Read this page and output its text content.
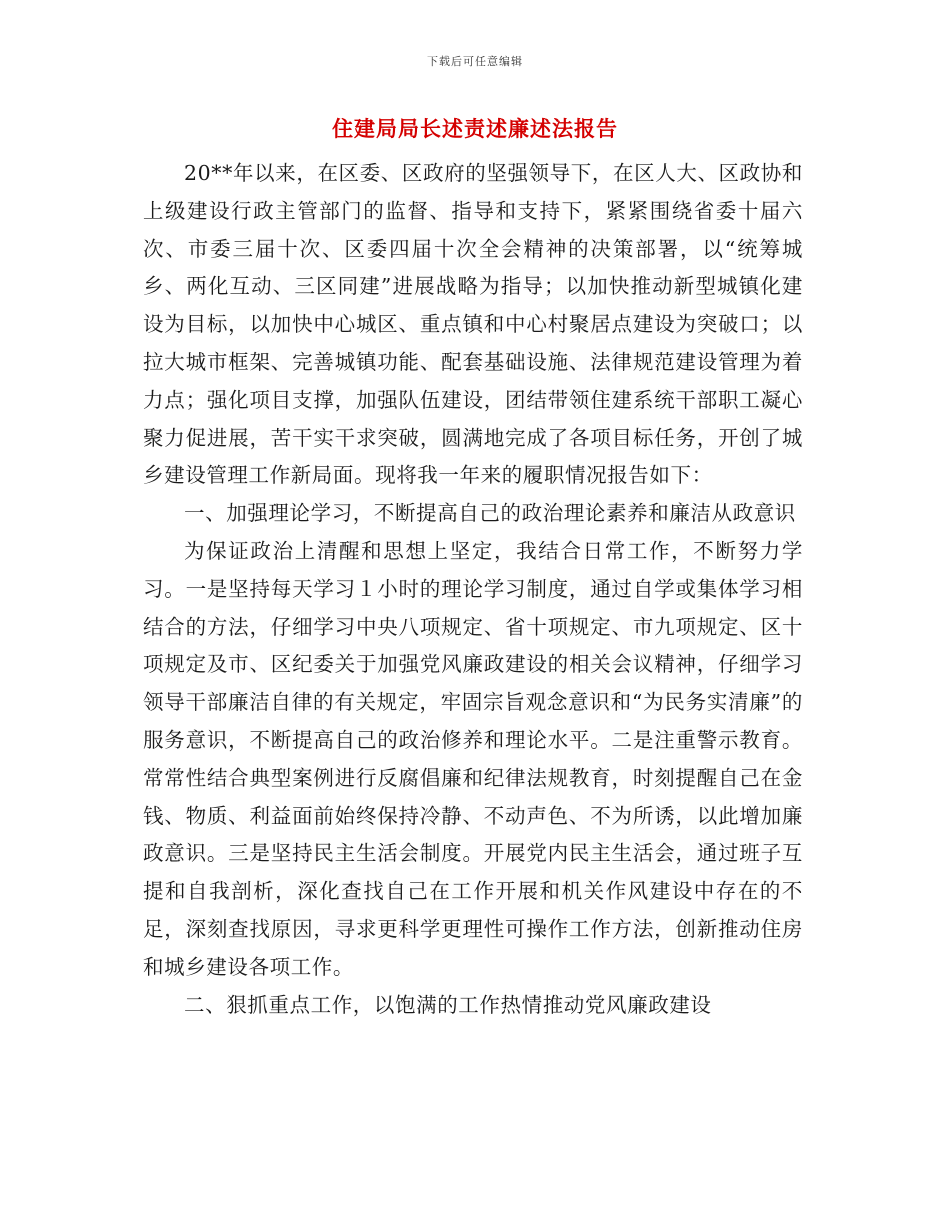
下载后可任意编辑
住建局局长述责述廉述法报告

20**年以来，在区委、区政府的坚强领导下，在区人大、区政协和上级建设行政主管部门的监督、指导和支持下，紧紧围绕省委十届六次、市委三届十次、区委四届十次全会精神的决策部署，以“统筹城乡、两化互动、三区同建”进展战略为指导；以加快推动新型城镇化建设为目标，以加快中心城区、重点镇和中心村聚居点建设为突破口；以拉大城市框架、完善城镇功能、配套基础设施、法律规范建设管理为着力点；强化项目支撑，加强队伍建设，团结带领住建系统干部职工凝心聚力促进展，苦干实干求突破，圆满地完成了各项目标任务，开创了城乡建设管理工作新局面。现将我一年来的履职情况报告如下：

一、加强理论学习，不断提高自己的政治理论素养和廉洁从政意识

为保证政治上清醒和思想上坚定，我结合日常工作，不断努力学习。一是坚持每天学习１小时的理论学习制度，通过自学或集体学习相结合的方法，仔细学习中央八项规定、省十项规定、市九项规定、区十项规定及市、区纪委关于加强党风廉政建设的相关会议精神，仔细学习领导干部廉洁自律的有关规定，牢固宗旨观念意识和“为民务实清廉”的服务意识，不断提高自己的政治修养和理论水平。二是注重警示教育。常常性结合典型案例进行反腐倡廉和纪律法规教育，时刻提醒自己在金钱、物质、利益面前始终保持冷静、不动声色、不为所诱，以此增加廉政意识。三是坚持民主生活会制度。开展党内民主生活会，通过班子互提和自我剖析，深化查找自己在工作开展和机关作风建设中存在的不足，深刻查找原因，寻求更科学更理性可操作工作方法，创新推动住房和城乡建设各项工作。

二、狠抓重点工作，以饱满的工作热情推动党风廉政建设
